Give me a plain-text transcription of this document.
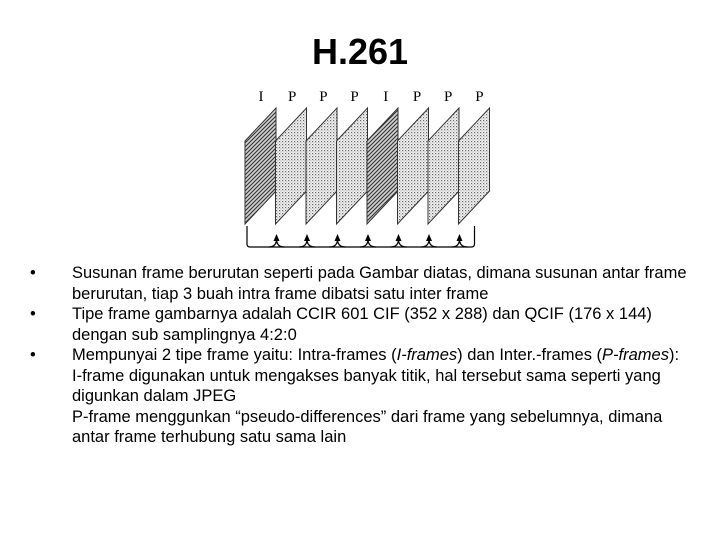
H.261
I P P P I P P P
•	Susunan frame berurutan seperti pada Gambar diatas, dimana susunan antar frame berurutan, tiap 3 buah intra frame dibatsi satu inter frame
•	Tipe frame gambarnya adalah CCIR 601 CIF (352 x 288) dan QCIF (176 x 144) dengan sub samplingnya 4:2:0
•	Mempunyai 2 tipe frame yaitu: Intra-frames (I-frames) dan Inter.-frames (P-frames):
I-frame digunakan untuk mengakses banyak titik, hal tersebut sama seperti yang digunkan dalam JPEG
P-frame menggunkan “pseudo-differences” dari frame yang sebelumnya, dimana antar frame terhubung satu sama lain
